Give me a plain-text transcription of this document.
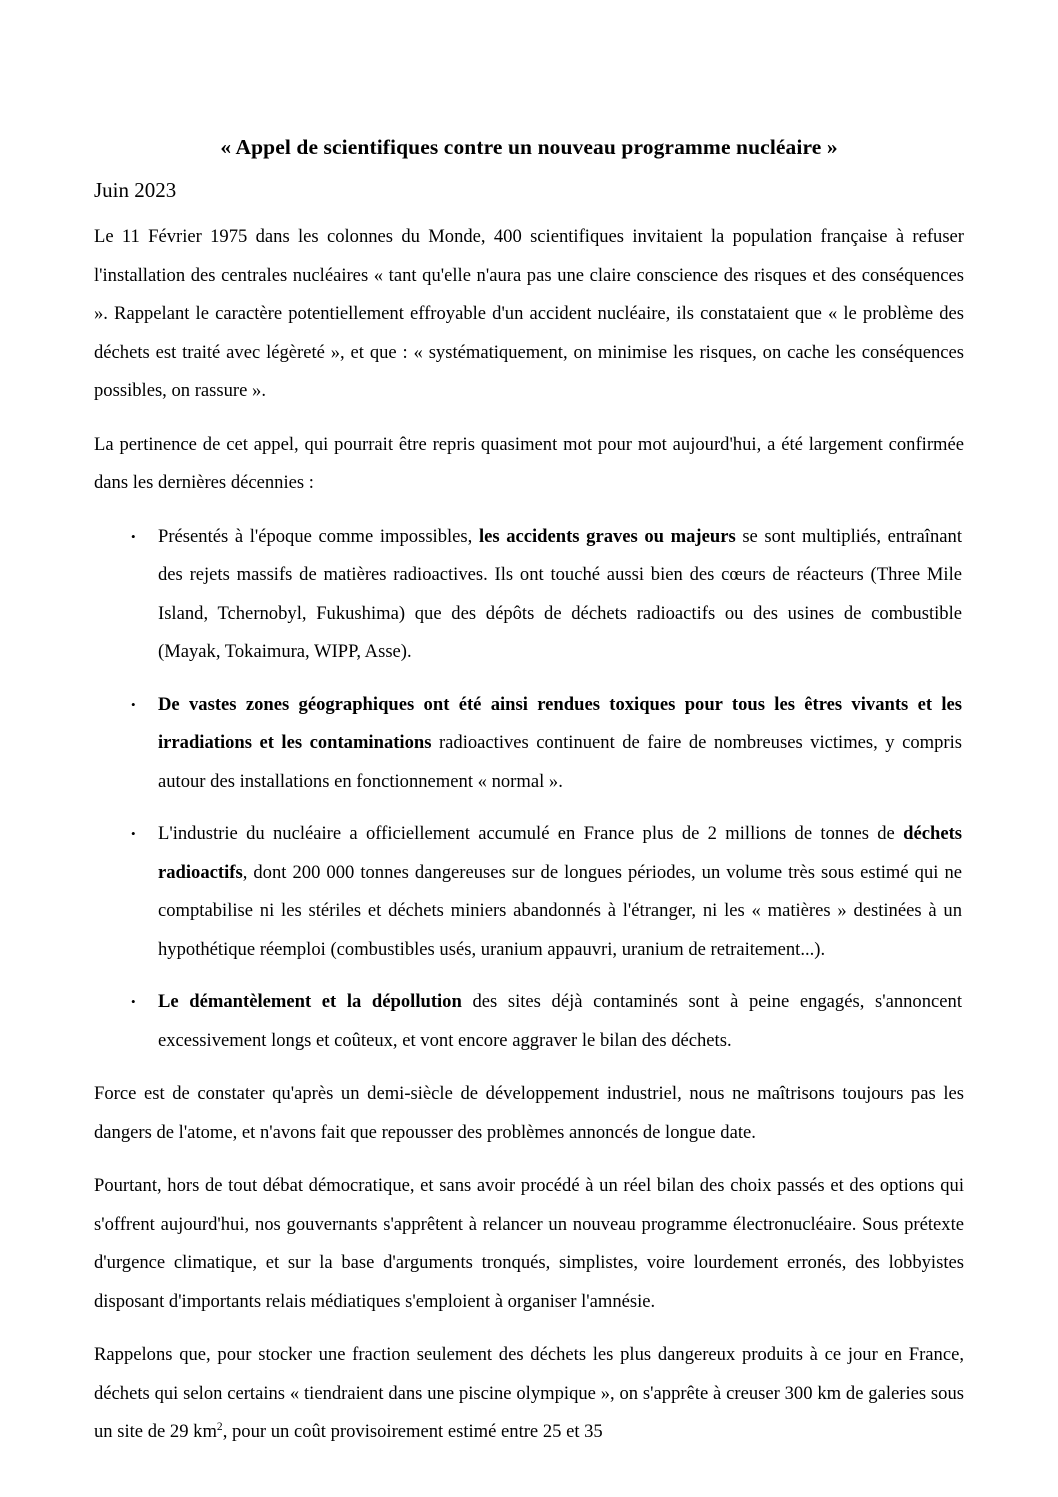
« Appel de scientifiques contre un nouveau programme nucléaire »
Juin 2023

Le 11 Février 1975 dans les colonnes du Monde, 400 scientifiques invitaient la population française à refuser l'installation des centrales nucléaires « tant qu'elle n'aura pas une claire conscience des risques et des conséquences ». Rappelant le caractère potentiellement effroyable d'un accident nucléaire, ils constataient que « le problème des déchets est traité avec légèreté », et que : « systématiquement, on minimise les risques, on cache les conséquences possibles, on rassure ».

La pertinence de cet appel, qui pourrait être repris quasiment mot pour mot aujourd'hui, a été largement confirmée dans les dernières décennies :

• Présentés à l'époque comme impossibles, les accidents graves ou majeurs se sont multipliés, entraînant des rejets massifs de matières radioactives. Ils ont touché aussi bien des cœurs de réacteurs (Three Mile Island, Tchernobyl, Fukushima) que des dépôts de déchets radioactifs ou des usines de combustible (Mayak, Tokaimura, WIPP, Asse).
• De vastes zones géographiques ont été ainsi rendues toxiques pour tous les êtres vivants et les irradiations et les contaminations radioactives continuent de faire de nombreuses victimes, y compris autour des installations en fonctionnement « normal ».
• L'industrie du nucléaire a officiellement accumulé en France plus de 2 millions de tonnes de déchets radioactifs, dont 200 000 tonnes dangereuses sur de longues périodes, un volume très sous estimé qui ne comptabilise ni les stériles et déchets miniers abandonnés à l'étranger, ni les « matières » destinées à un hypothétique réemploi (combustibles usés, uranium appauvri, uranium de retraitement...).
• Le démantèlement et la dépollution des sites déjà contaminés sont à peine engagés, s'annoncent excessivement longs et coûteux, et vont encore aggraver le bilan des déchets.

Force est de constater qu'après un demi-siècle de développement industriel, nous ne maîtrisons toujours pas les dangers de l'atome, et n'avons fait que repousser des problèmes annoncés de longue date.

Pourtant, hors de tout débat démocratique, et sans avoir procédé à un réel bilan des choix passés et des options qui s'offrent aujourd'hui, nos gouvernants s'apprêtent à relancer un nouveau programme électronucléaire. Sous prétexte d'urgence climatique, et sur la base d'arguments tronqués, simplistes, voire lourdement erronés, des lobbyistes disposant d'importants relais médiatiques s'emploient à organiser l'amnésie.

Rappelons que, pour stocker une fraction seulement des déchets les plus dangereux produits à ce jour en France, déchets qui selon certains « tiendraient dans une piscine olympique », on s'apprête à creuser 300 km de galeries sous un site de 29 $km^2$, pour un coût provisoirement estimé entre 25 et 35
